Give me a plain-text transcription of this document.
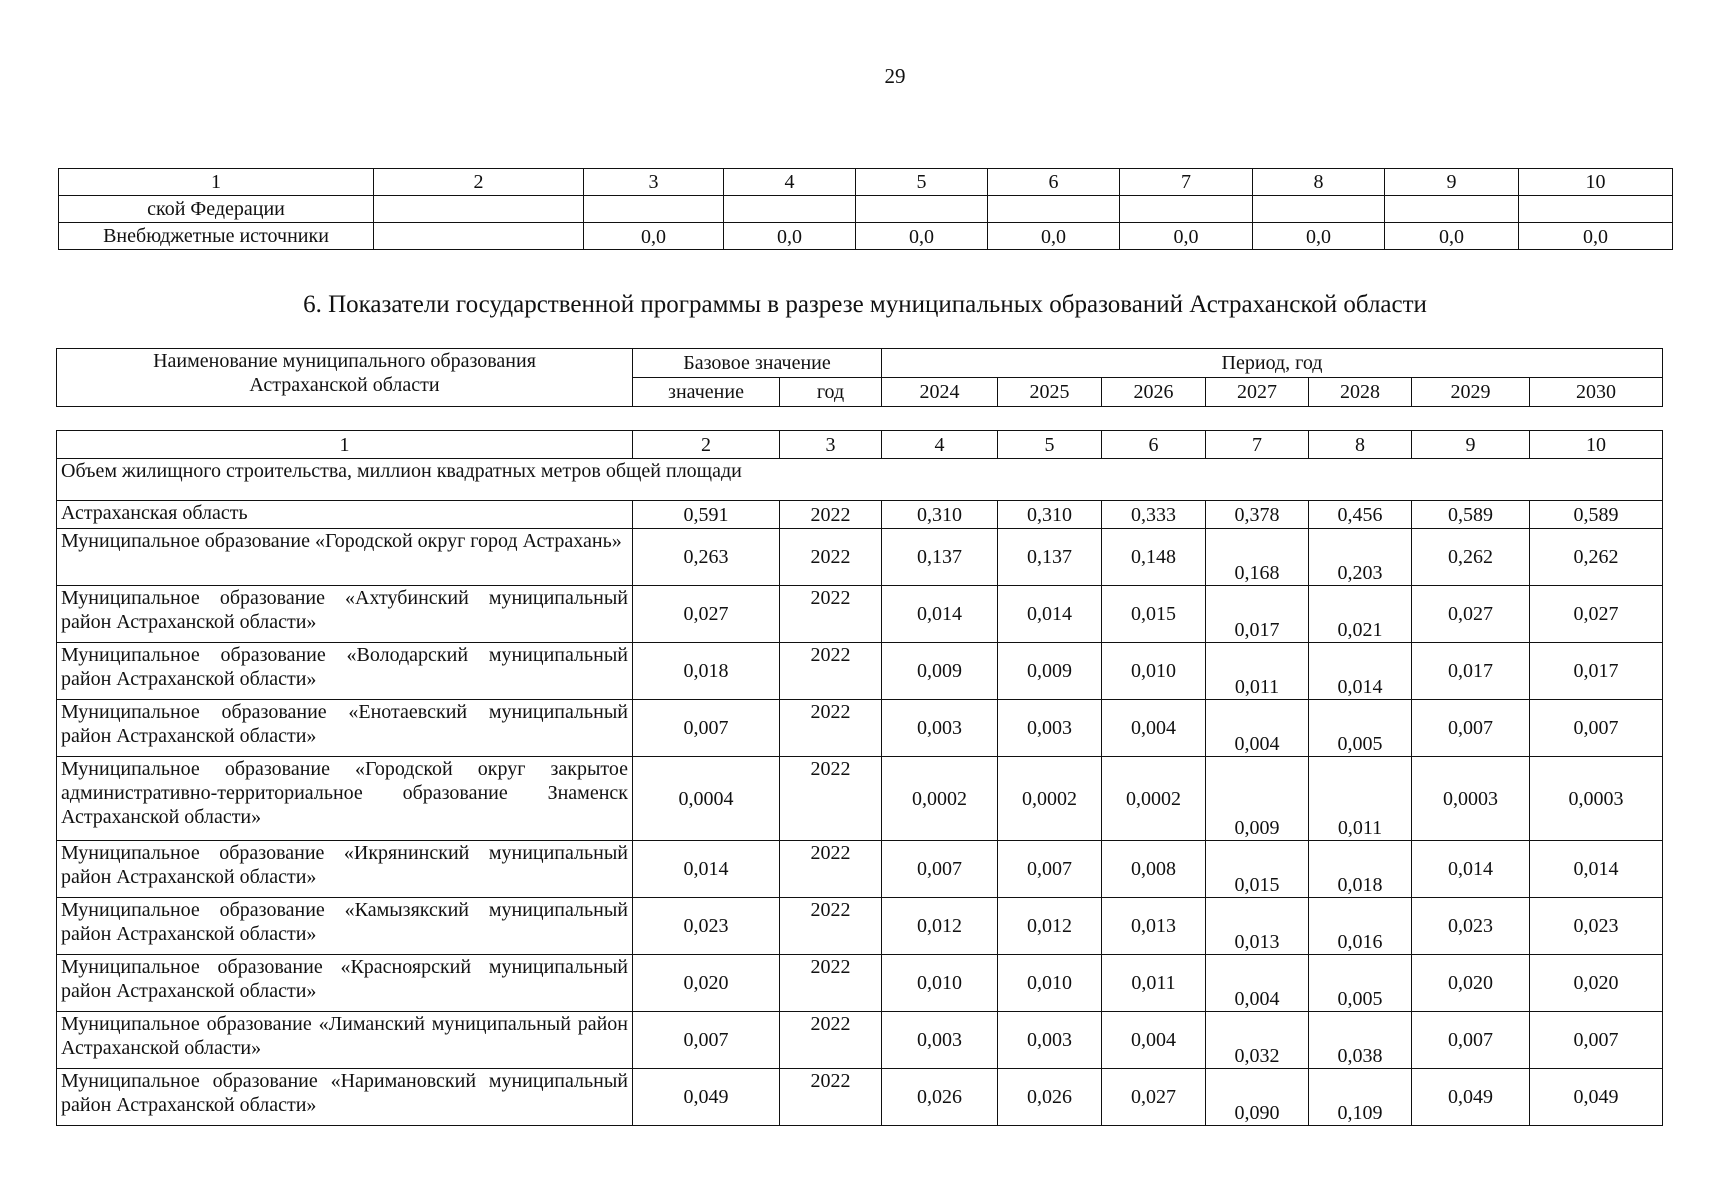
29
1	2	3	4	5	6	7	8	9	10
ской Федерации									
Внебюджетные источники		0,0	0,0	0,0	0,0	0,0	0,0	0,0	0,0
6. Показатели государственной программы в разрезе муниципальных образований Астраханской области
Наименование муниципального образования
Астраханской области	Базовое значение		Период, год						
	значение	год	2024	2025	2026	2027	2028	2029	2030
1	2	3	4	5	6	7	8	9	10
Объем жилищного строительства, миллион квадратных метров общей площади									
Астраханская область	0,591	2022	0,310	0,310	0,333	0,378	0,456	0,589	0,589
Муниципальное образование «Городской округ город Астрахань»	0,263	2022	0,137	0,137	0,148	0,168	0,203	0,262	0,262
Муниципальное образование «Ахтубинский муниципальный район Астраханской области»	0,027	2022	0,014	0,014	0,015	0,017	0,021	0,027	0,027
Муниципальное образование «Володарский муниципальный район Астраханской области»	0,018	2022	0,009	0,009	0,010	0,011	0,014	0,017	0,017
Муниципальное образование «Енотаевский муниципальный район Астраханской области»	0,007	2022	0,003	0,003	0,004	0,004	0,005	0,007	0,007
Муниципальное образование «Городской округ закрытое административно-территориальное образование Знаменск Астраханской области»	0,0004	2022	0,0002	0,0002	0,0002	0,009	0,011	0,0003	0,0003
Муниципальное образование «Икрянинский муниципальный район Астраханской области»	0,014	2022	0,007	0,007	0,008	0,015	0,018	0,014	0,014
Муниципальное образование «Камызякский муниципальный район Астраханской области»	0,023	2022	0,012	0,012	0,013	0,013	0,016	0,023	0,023
Муниципальное образование «Красноярский муниципальный район Астраханской области»	0,020	2022	0,010	0,010	0,011	0,004	0,005	0,020	0,020
Муниципальное образование «Лиманский муниципальный район Астраханской области»	0,007	2022	0,003	0,003	0,004	0,032	0,038	0,007	0,007
Муниципальное образование «Наримановский муниципальный район Астраханской области»	0,049	2022	0,026	0,026	0,027	0,090	0,109	0,049	0,049
